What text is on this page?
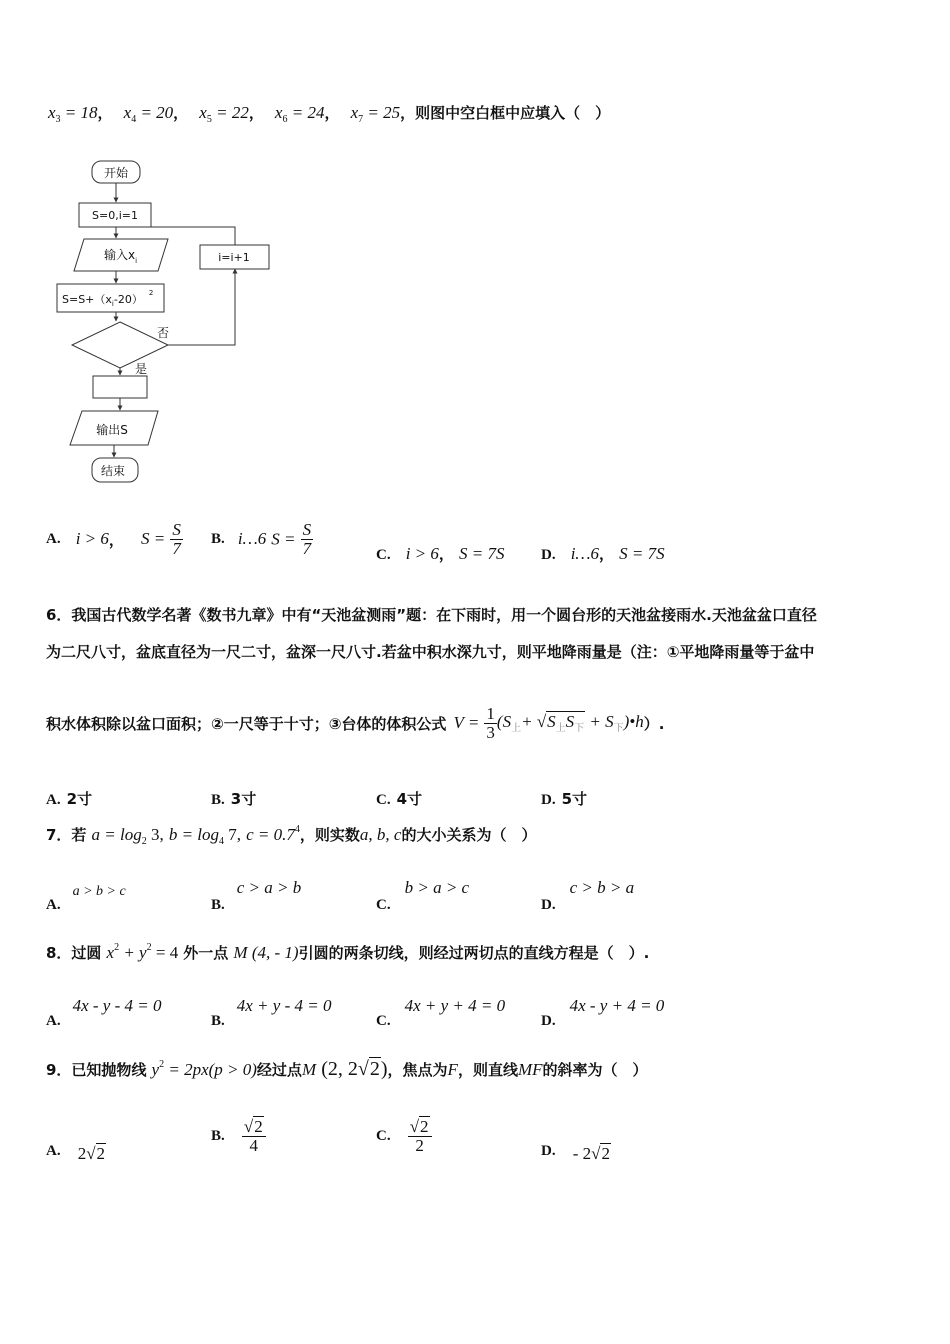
$x_3 = 18$， $x_4 = 20$， $x_5 = 22$， $x_6 = 24$， $x_7 = 25$，则图中空白框中应填入（　）
开始
S=0,i=1
输入$x_i$
$S=S+(x_i-20)$ $^2$
i=i+1
否
是
输出S
结束
A. i > 6， $S = \frac{S}{7} B$. i…6 $S = \frac{S}{7}$	C. i > 6， S = 7S D. i…6， S = 7S
6．我国古代数学名著《数书九章》中有“天池盆测雨”题：在下雨时，用一个圆台形的天池盆接雨水.天池盆盆口直径
为二尺八寸，盆底直径为一尺二寸，盆深一尺八寸.若盆中积水深九寸，则平地降雨量是（注：①平地降雨量等于盆中
积水体积除以盆口面积；②一尺等于十寸；③台体的体积公式 $V = \frac{1}{3} (S_上+ √S_上S_下$ + $S_下)•h$）.
A. 2寸	B. 3寸	C. 4寸	D. 5寸
7．若 $a = \log_2 3$, $b = \log_4 7$, $c = 0.7^4$，则实数a, b, c的大小关系为（　）
A.a > b > c
B.c > a > b
C.b > a > c
D.c > b > a
8．过圆 $x^2 + y^2 = 4$ 外一点 M (4, - 1)引圆的两条切线，则经过两切点的直线方程是（　）.
A.4x - y - 4 = 0
B.4x + y - 4 = 0
C.4x + y + 4 = 0
D.4x - y + 4 = 0
9．已知抛物线 $y^2 = 2px(p > 0)$经过点M (2, 2√2)，焦点为F，则直线MF的斜率为（　）
A. 2√2
B. $\frac{√2}{4}$	C. $\frac{√2}{2}$	D. - 2√2
